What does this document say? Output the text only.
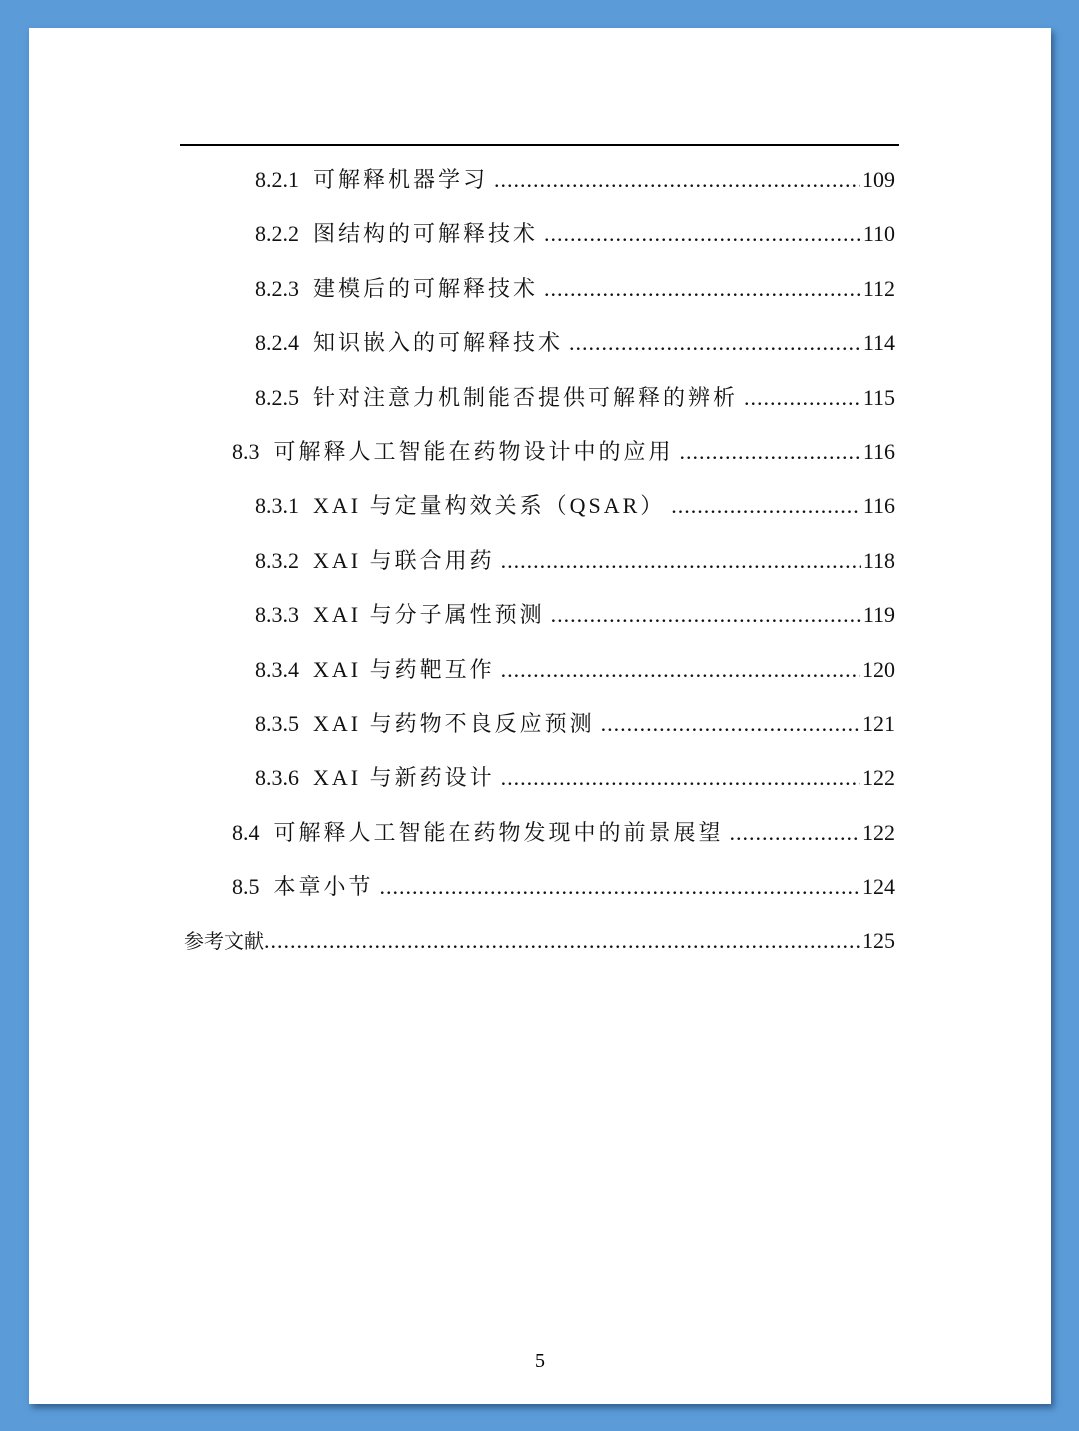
8.2.1 可解释机器学习 .....	109
8.2.2 图结构的可解释技术 .....	110
8.2.3 建模后的可解释技术 .....	112
8.2.4 知识嵌入的可解释技术 .....	114
8.2.5 针对注意力机制能否提供可解释的辨析 .....	115
8.3 可解释人工智能在药物设计中的应用 .....	116
8.3.1 XAI 与定量构效关系（QSAR） .....	116
8.3.2 XAI 与联合用药 .....	118
8.3.3 XAI 与分子属性预测 .....	119
8.3.4 XAI 与药靶互作 .....	120
8.3.5 XAI 与药物不良反应预测 .....	121
8.3.6 XAI 与新药设计 .....	122
8.4 可解释人工智能在药物发现中的前景展望 .....	122
8.5 本章小节 .....	124
参考文献 .....	125
5
